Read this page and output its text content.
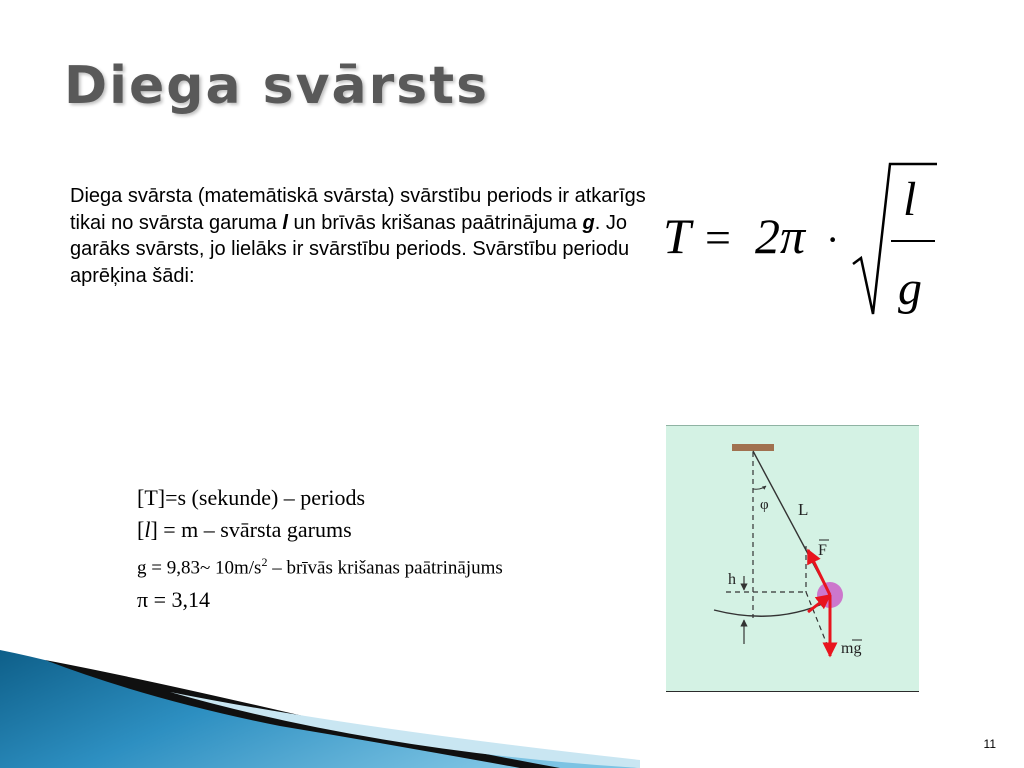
Diega svārsts
Diega svārsta (matemātiskā svārsta) svārstību periods ir atkarīgs tikai no svārsta garuma l un brīvās krišanas paātrinājuma g. Jo garāks svārsts, jo lielāks ir svārstību periods. Svārstību periodu aprēķina šādi:
T = 2π ·
l
g
[T]=s (sekunde) – periods
[l] = m – svārsta garums
g = 9,83~ $10m/s^2$ – brīvās krišanas paātrinājums
π = 3,14
φ L
F
h
mg
11
